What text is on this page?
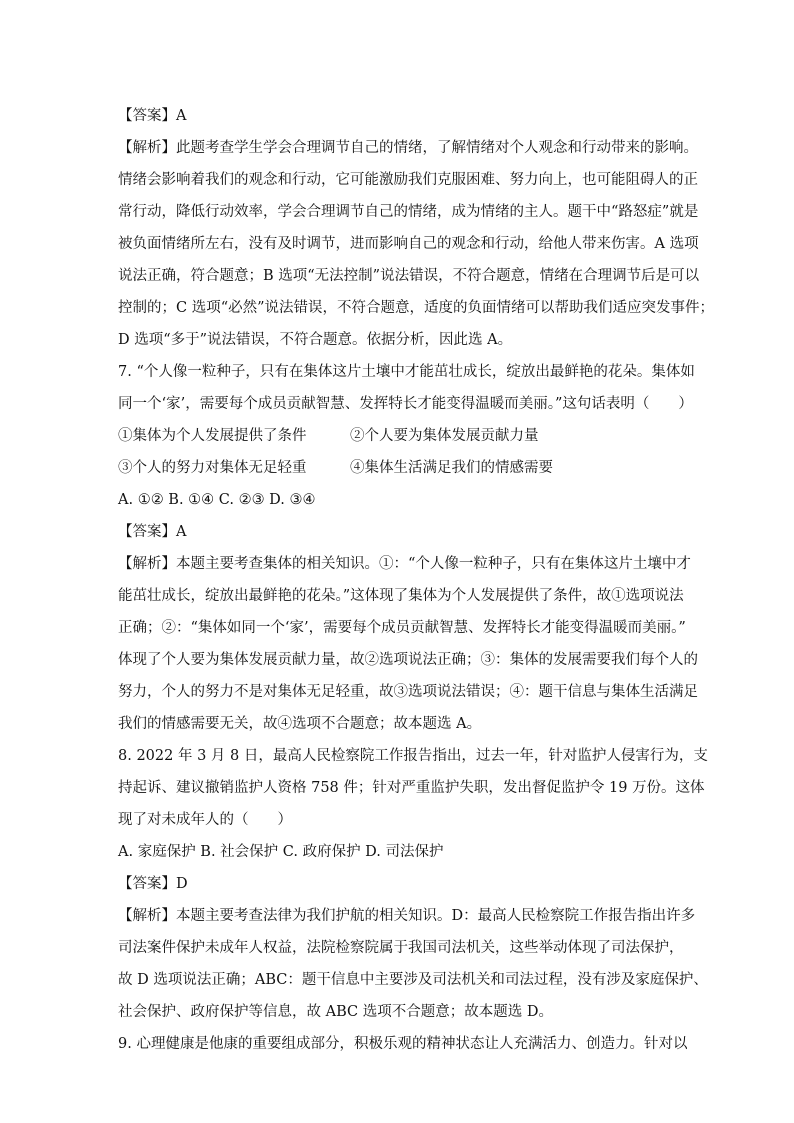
【答案】A
【解析】此题考查学生学会合理调节自己的情绪，了解情绪对个人观念和行动带来的影响。
情绪会影响着我们的观念和行动，它可能激励我们克服困难、努力向上，也可能阻碍人的正
常行动，降低行动效率，学会合理调节自己的情绪，成为情绪的主人。题干中“路怒症”就是
被负面情绪所左右，没有及时调节，进而影响自己的观念和行动，给他人带来伤害。A 选项
说法正确，符合题意；B 选项“无法控制”说法错误，不符合题意，情绪在合理调节后是可以
控制的；C 选项“必然”说法错误，不符合题意，适度的负面情绪可以帮助我们适应突发事件；
D 选项“多于”说法错误，不符合题意。依据分析，因此选 A。
7. “个人像一粒种子，只有在集体这片土壤中才能茁壮成长，绽放出最鲜艳的花朵。集体如
同一个‘家’，需要每个成员贡献智慧、发挥特长才能变得温暖而美丽。”这句话表明（　　）
①集体为个人发展提供了条件	②个人要为集体发展贡献力量
③个人的努力对集体无足轻重	④集体生活满足我们的情感需要
A. ①② B. ①④ C. ②③ D. ③④
【答案】A
【解析】本题主要考查集体的相关知识。①：“个人像一粒种子，只有在集体这片土壤中才
能茁壮成长，绽放出最鲜艳的花朵。”这体现了集体为个人发展提供了条件，故①选项说法
正确；②：“集体如同一个‘家’，需要每个成员贡献智慧、发挥特长才能变得温暖而美丽。”
体现了个人要为集体发展贡献力量，故②选项说法正确；③：集体的发展需要我们每个人的
努力，个人的努力不是对集体无足轻重，故③选项说法错误；④：题干信息与集体生活满足
我们的情感需要无关，故④选项不合题意；故本题选 A。
8. 2022 年 3 月 8 日，最高人民检察院工作报告指出，过去一年，针对监护人侵害行为，支
持起诉、建议撤销监护人资格 758 件；针对严重监护失职，发出督促监护令 19 万份。这体
现了对未成年人的（　　）
A. 家庭保护 B. 社会保护 C. 政府保护 D. 司法保护
【答案】D
【解析】本题主要考查法律为我们护航的相关知识。D：最高人民检察院工作报告指出许多
司法案件保护未成年人权益，法院检察院属于我国司法机关，这些举动体现了司法保护，
故 D 选项说法正确；ABC：题干信息中主要涉及司法机关和司法过程，没有涉及家庭保护、
社会保护、政府保护等信息，故 ABC 选项不合题意；故本题选 D。
9. 心理健康是他康的重要组成部分，积极乐观的精神状态让人充满活力、创造力。针对以
